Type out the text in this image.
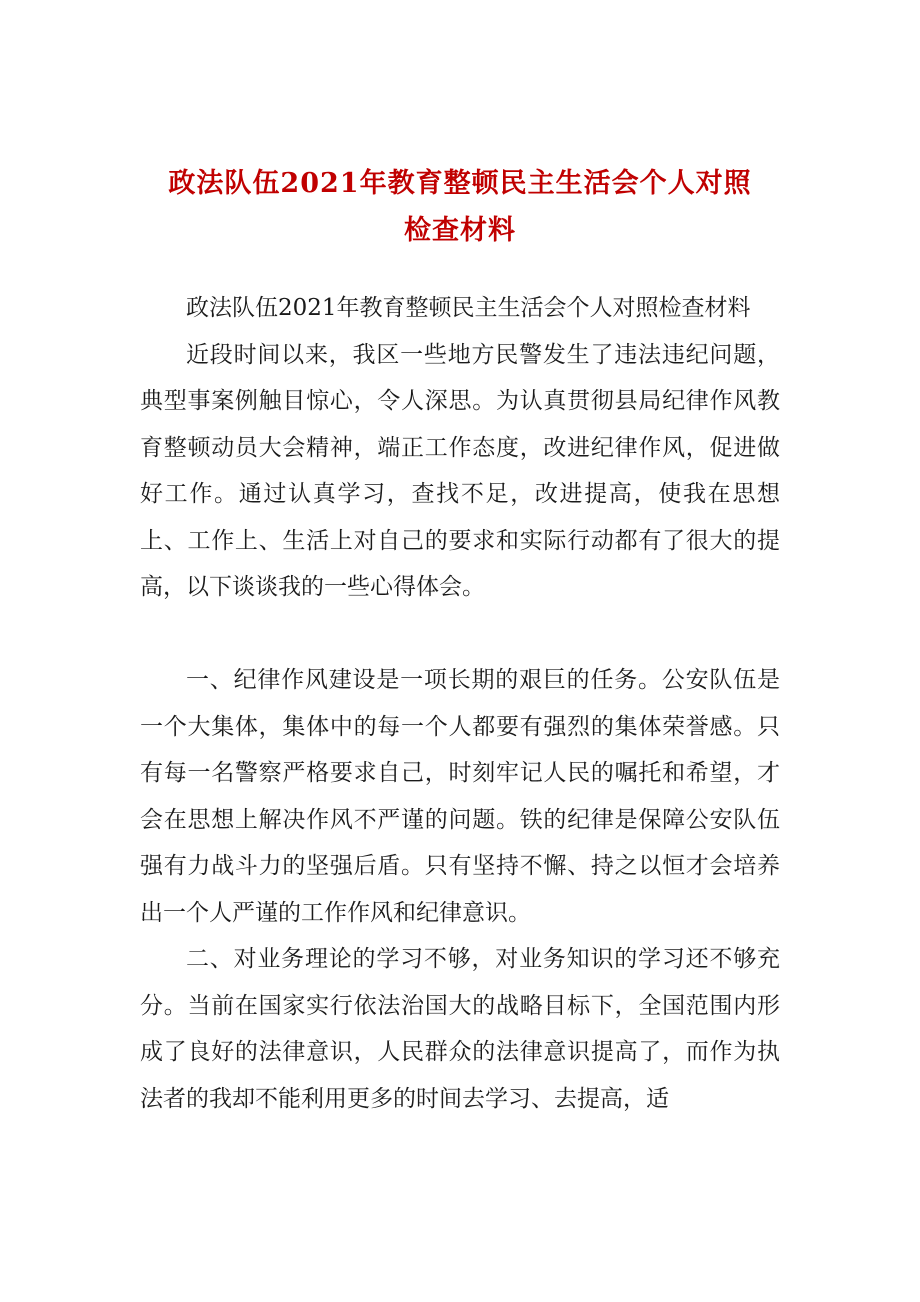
政法队伍2021年教育整顿民主生活会个人对照
检查材料

政法队伍2021年教育整顿民主生活会个人对照检查材料

近段时间以来，我区一些地方民警发生了违法违纪问题，典型事案例触目惊心，令人深思。为认真贯彻县局纪律作风教育整顿动员大会精神，端正工作态度，改进纪律作风，促进做好工作。通过认真学习，查找不足，改进提高，使我在思想上、工作上、生活上对自己的要求和实际行动都有了很大的提高，以下谈谈我的一些心得体会。

一、纪律作风建设是一项长期的艰巨的任务。公安队伍是一个大集体，集体中的每一个人都要有强烈的集体荣誉感。只有每一名警察严格要求自己，时刻牢记人民的嘱托和希望，才会在思想上解决作风不严谨的问题。铁的纪律是保障公安队伍强有力战斗力的坚强后盾。只有坚持不懈、持之以恒才会培养出一个人严谨的工作作风和纪律意识。

二、对业务理论的学习不够，对业务知识的学习还不够充分。当前在国家实行依法治国大的战略目标下，全国范围内形成了良好的法律意识，人民群众的法律意识提高了，而作为执法者的我却不能利用更多的时间去学习、去提高，适
